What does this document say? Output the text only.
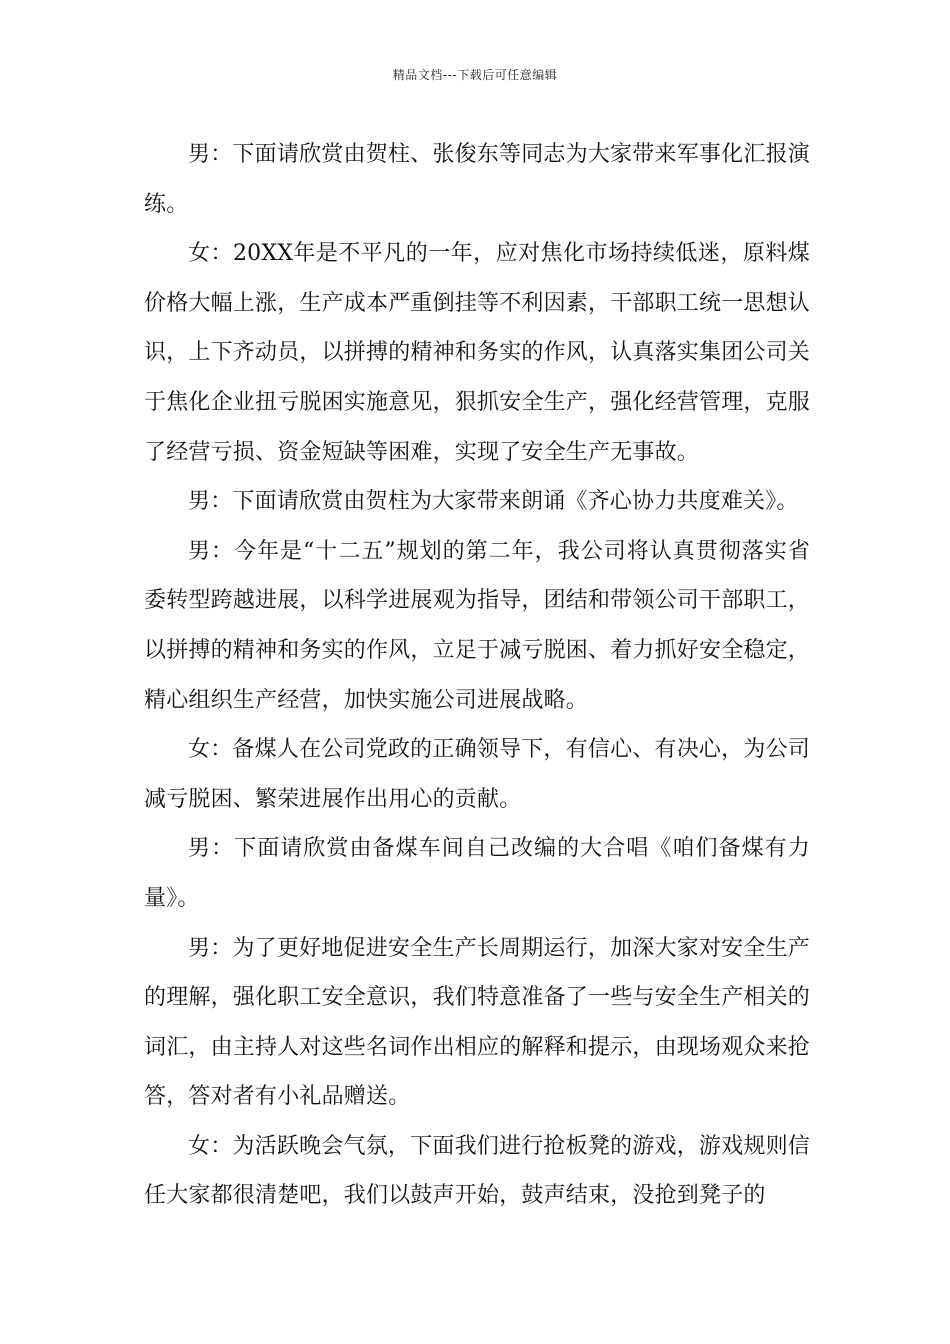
精品文档---下载后可任意编辑

男：下面请欣赏由贺柱、张俊东等同志为大家带来军事化汇报演练。

女：20XX年是不平凡的一年，应对焦化市场持续低迷，原料煤价格大幅上涨，生产成本严重倒挂等不利因素，干部职工统一思想认识，上下齐动员，以拼搏的精神和务实的作风，认真落实集团公司关于焦化企业扭亏脱困实施意见，狠抓安全生产，强化经营管理，克服了经营亏损、资金短缺等困难，实现了安全生产无事故。

男：下面请欣赏由贺柱为大家带来朗诵《齐心协力共度难关》。

男：今年是“十二五”规划的第二年，我公司将认真贯彻落实省委转型跨越进展，以科学进展观为指导，团结和带领公司干部职工，以拼搏的精神和务实的作风，立足于减亏脱困、着力抓好安全稳定，精心组织生产经营，加快实施公司进展战略。

女：备煤人在公司党政的正确领导下，有信心、有决心，为公司减亏脱困、繁荣进展作出用心的贡献。

男：下面请欣赏由备煤车间自己改编的大合唱《咱们备煤有力量》。

男：为了更好地促进安全生产长周期运行，加深大家对安全生产的理解，强化职工安全意识，我们特意准备了一些与安全生产相关的词汇，由主持人对这些名词作出相应的解释和提示，由现场观众来抢答，答对者有小礼品赠送。

女：为活跃晚会气氛，下面我们进行抢板凳的游戏，游戏规则信任大家都很清楚吧，我们以鼓声开始，鼓声结束，没抢到凳子的
